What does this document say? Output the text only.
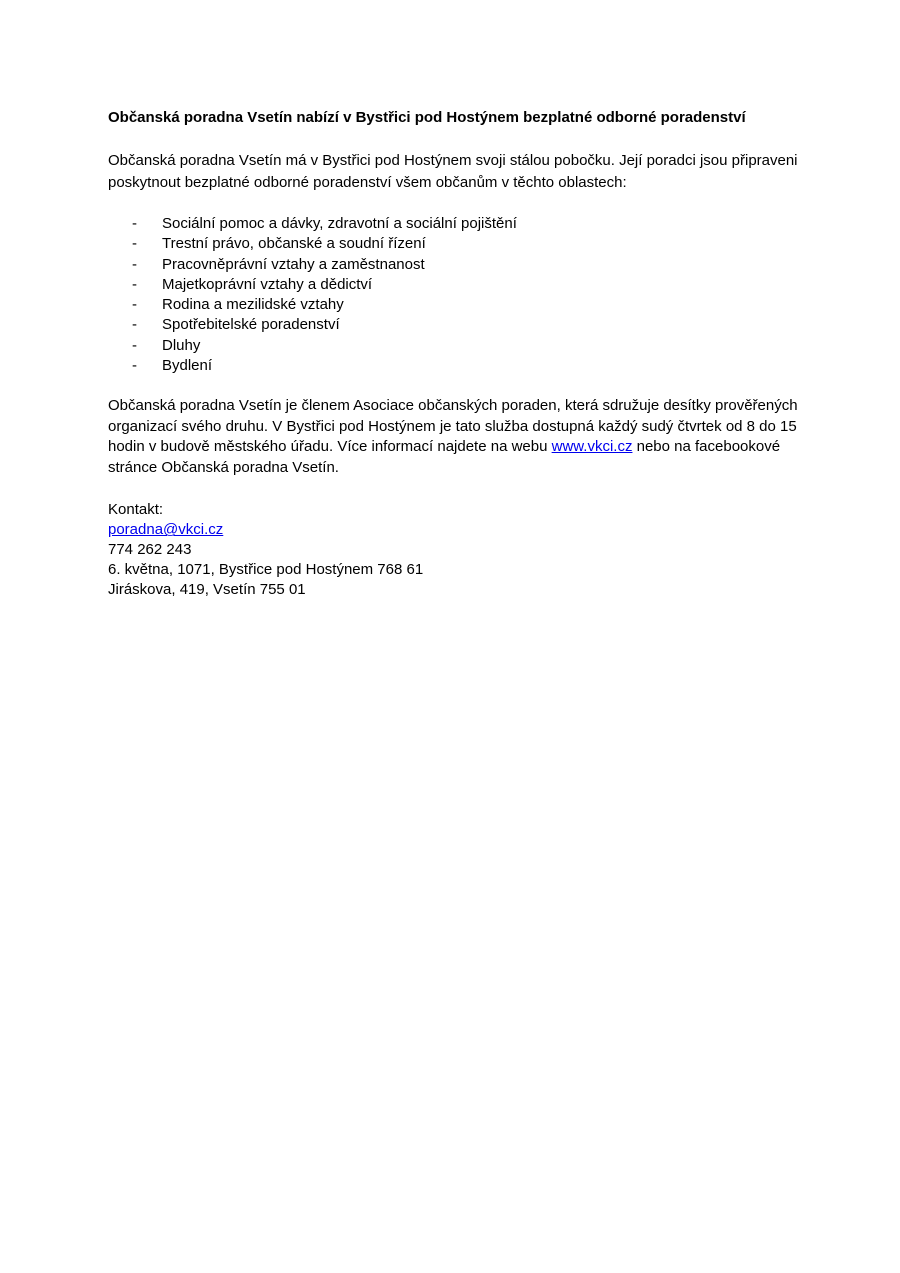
Občanská poradna Vsetín nabízí v Bystřici pod Hostýnem bezplatné odborné poradenství

Občanská poradna Vsetín má v Bystřici pod Hostýnem svoji stálou pobočku. Její poradci jsou připraveni poskytnout bezplatné odborné poradenství všem občanům v těchto oblastech:

-	Sociální pomoc a dávky, zdravotní a sociální pojištění
-	Trestní právo, občanské a soudní řízení
-	Pracovněprávní vztahy a zaměstnanost
-	Majetkoprávní vztahy a dědictví
-	Rodina a mezilidské vztahy
-	Spotřebitelské poradenství
-	Dluhy
-	Bydlení

Občanská poradna Vsetín je členem Asociace občanských poraden, která sdružuje desítky prověřených organizací svého druhu. V Bystřici pod Hostýnem je tato služba dostupná každý sudý čtvrtek od 8 do 15 hodin v budově městského úřadu. Více informací najdete na webu www.vkci.cz nebo na facebookové stránce Občanská poradna Vsetín.

Kontakt:
poradna@vkci.cz
774 262 243
6. května, 1071, Bystřice pod Hostýnem 768 61
Jiráskova, 419, Vsetín 755 01
